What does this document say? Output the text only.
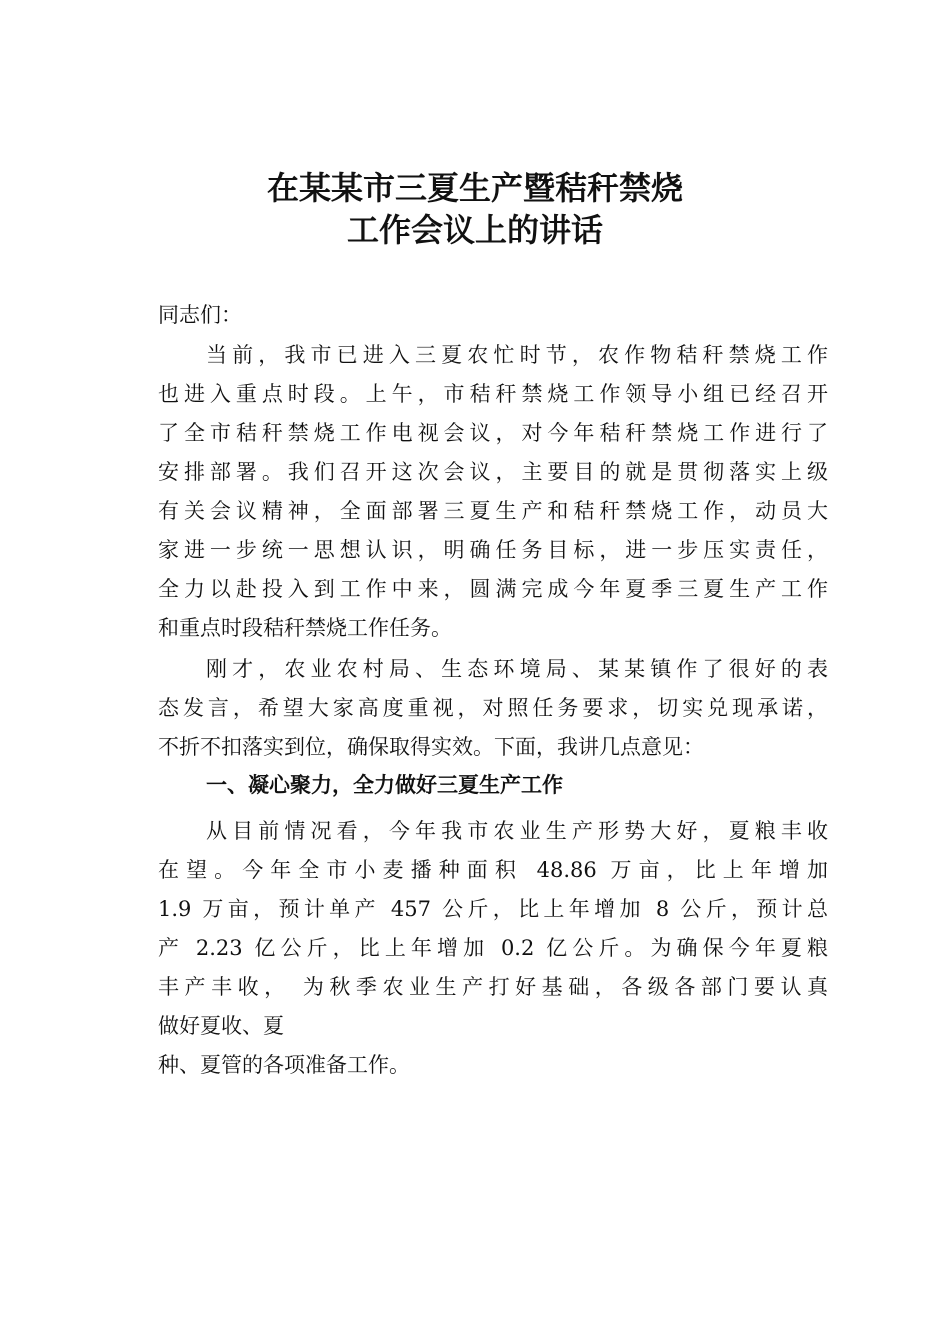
在某某市三夏生产暨秸秆禁烧
工作会议上的讲话
同志们：
当前，我市已进入三夏农忙时节，农作物秸秆禁烧工作
也进入重点时段。上午，市秸秆禁烧工作领导小组已经召开
了全市秸秆禁烧工作电视会议，对今年秸秆禁烧工作进行了
安排部署。我们召开这次会议，主要目的就是贯彻落实上级
有关会议精神，全面部署三夏生产和秸秆禁烧工作，动员大
家进一步统一思想认识，明确任务目标，进一步压实责任，
全力以赴投入到工作中来，圆满完成今年夏季三夏生产工作
和重点时段秸秆禁烧工作任务。
刚才，农业农村局、生态环境局、某某镇作了很好的表
态发言，希望大家高度重视，对照任务要求，切实兑现承诺，
不折不扣落实到位，确保取得实效。下面，我讲几点意见：
一、凝心聚力，全力做好三夏生产工作
从目前情况看，今年我市农业生产形势大好，夏粮丰收
在望。今年全市小麦播种面积 48.86 万亩，比上年增加
1.9 万亩，预计单产 457 公斤，比上年增加 8 公斤，预计总
产 2.23 亿公斤，比上年增加 0.2 亿公斤。为确保今年夏粮
丰产丰收， 为秋季农业生产打好基础，各级各部门要认真
做好夏收、夏
种、夏管的各项准备工作。
